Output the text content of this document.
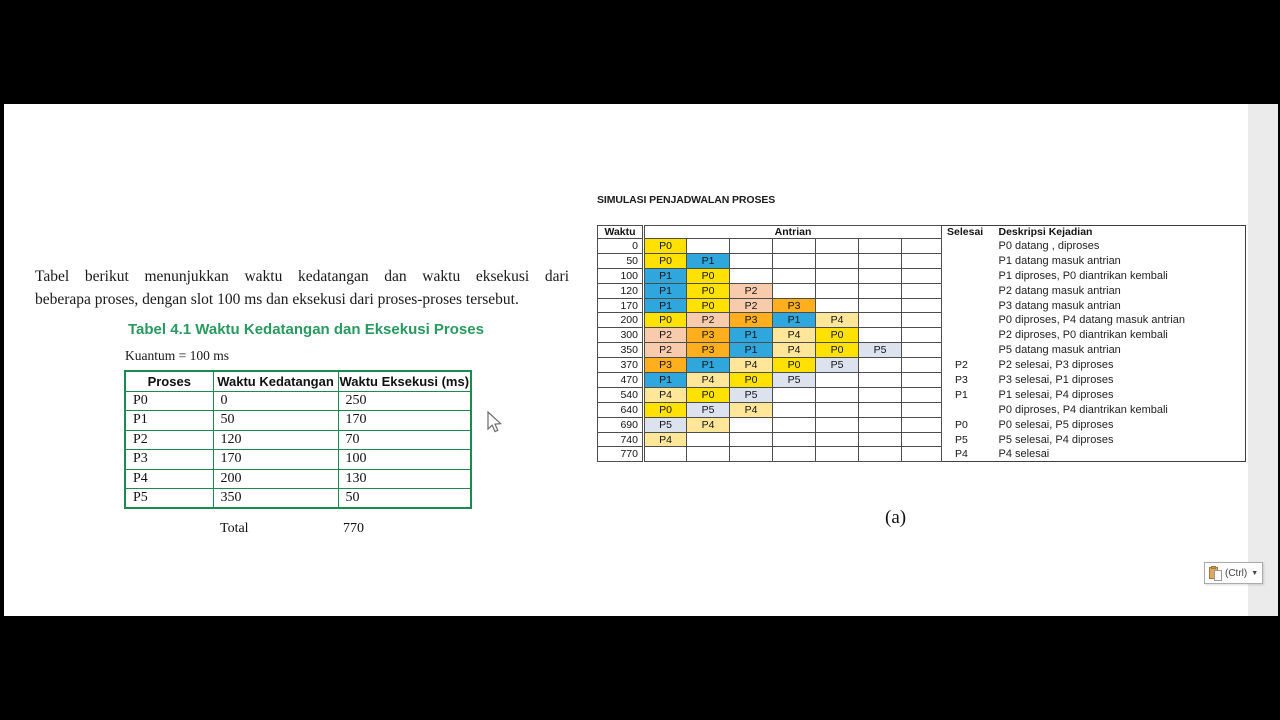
Tabel berikut menunjukkan waktu kedatangan dan waktu eksekusi dari
beberapa proses, dengan slot 100 ms dan eksekusi dari proses-proses tersebut.
Tabel 4.1 Waktu Kedatangan dan Eksekusi Proses
Kuantum = 100 ms
Proses	Waktu Kedatangan	Waktu Eksekusi (ms)
P0	0	250
P1	50	170
P2	120	70
P3	170	100
P4	200	130
P5	350	50
Total	770
SIMULASI PENJADWALAN PROSES
Waktu	Antrian							Selesai	Deskripsi Kejadian
0	P0								P0 datang , diproses
50	P0	P1							P1 datang masuk antrian
100	P1	P0							P1 diproses, P0 diantrikan kembali
120	P1	P0	P2						P2 datang masuk antrian
170	P1	P0	P2	P3					P3 datang masuk antrian
200	P0	P2	P3	P1	P4				P0 diproses, P4 datang masuk antrian
300	P2	P3	P1	P4	P0				P2 diproses, P0 diantrikan kembali
350	P2	P3	P1	P4	P0	P5			P5 datang masuk antrian
370	P3	P1	P4	P0	P5			P2	P2 selesai, P3 diproses
470	P1	P4	P0	P5				P3	P3 selesai, P1 diproses
540	P4	P0	P5					P1	P1 selesai, P4 diproses
640	P0	P5	P4						P0 diproses, P4 diantrikan kembali
690	P5	P4						P0	P0 selesai, P5 diproses
740	P4							P5	P5 selesai, P4 diproses
770								P4	P4 selesai
(a)
(Ctrl) ▼
